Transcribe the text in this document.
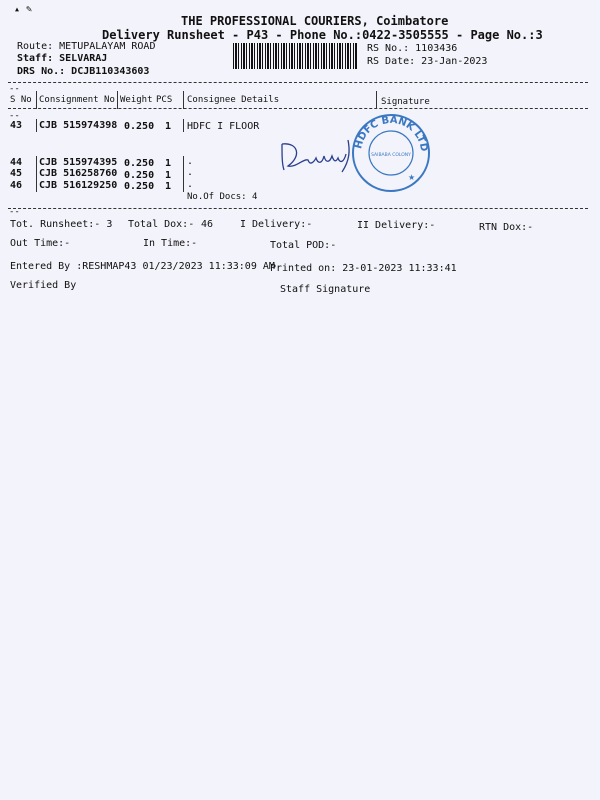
THE PROFESSIONAL COURIERS, Coimbatore
Delivery Runsheet - P43 - Phone No.:0422-3505555 - Page No.:3
▴ ✎
Route: METUPALAYAM ROAD
Staff: SELVARAJ
DRS No.: DCJB110343603
RS No.: 1103436
RS Date: 23-Jan-2023
--
S No Consignment No Weight PCS Consignee Details	Signature
--
43 CJB 515974398 0.250 1 HDFC I FLOOR
44 CJB 515974395 0.250 1 .
45 CJB 516258760 0.250 1 .
46 CJB 516129250 0.250 1 .
No.Of Docs: 4
HDFC BANK LTD
SAIBABA COLONY
★
--
Tot. Runsheet:- 3 Total Dox:- 46	I Delivery:-	II Delivery:-	RTN Dox:-
Out Time:-	In Time:-	Total POD:-
Entered By :RESHMAP43 01/23/2023 11:33:09 AM
Printed on: 23-01-2023 11:33:41
Verified By	Staff Signature
